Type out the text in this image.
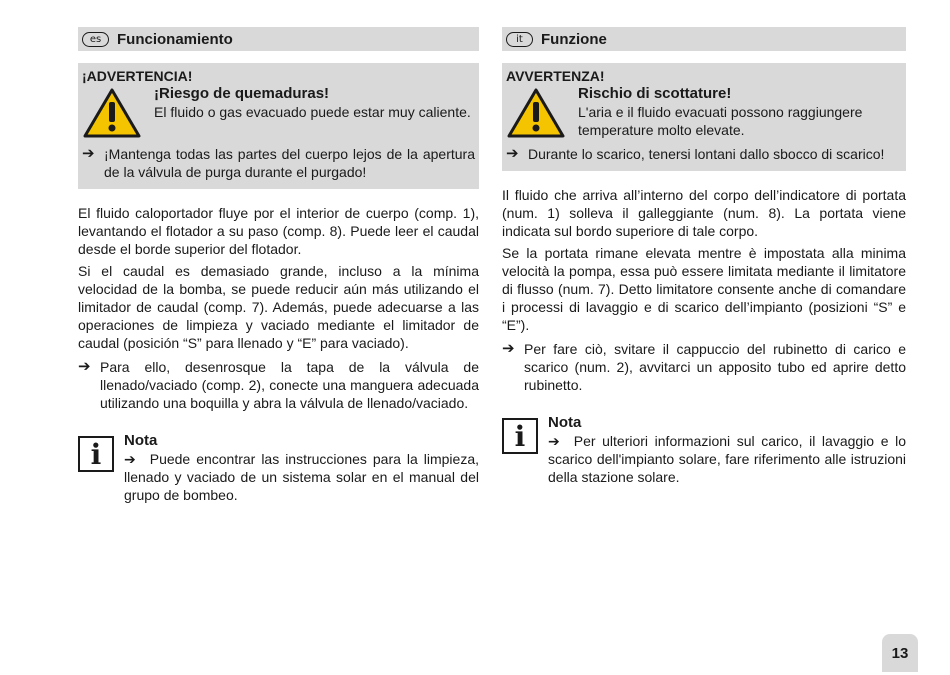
es	Funcionamiento
¡ADVERTENCIA!
¡Riesgo de quemaduras!
El fluido o gas evacuado puede estar muy caliente.
➔ ¡Mantenga todas las partes del cuerpo lejos de la apertura de la válvula de purga durante el purgado!

El fluido caloportador fluye por el interior de cuerpo (comp. 1), levantando el flotador a su paso (comp. 8). Puede leer el caudal desde el borde superior del flotador.

Si el caudal es demasiado grande, incluso a la mínima velocidad de la bomba, se puede reducir aún más utilizando el limitador de caudal (comp. 7). Además, puede adecuarse a las operaciones de limpieza y vaciado mediante el limitador de caudal (posición “S” para llenado y “E” para vaciado).

➔ Para ello, desenrosque la tapa de la válvula de llenado/vaciado (comp. 2), conecte una manguera adecuada utilizando una boquilla y abra la válvula de llenado/vaciado.
i	Nota
➔ Puede encontrar las instrucciones para la limpieza, llenado y vaciado de un sistema solar en el manual del grupo de bombeo.
it	Funzione
AVVERTENZA!
Rischio di scottature!
L'aria e il fluido evacuati possono raggiungere temperature molto elevate.
➔ Durante lo scarico, tenersi lontani dallo sbocco di scarico!

Il fluido che arriva all’interno del corpo dell’indicatore di portata (num. 1) solleva il galleggiante (num. 8). La portata viene indicata sul bordo superiore di tale corpo.

Se la portata rimane elevata mentre è impostata alla minima velocità la pompa, essa può essere limitata mediante il limitatore di flusso (num. 7). Detto limitatore consente anche di comandare i processi di lavaggio e di scarico dell’impianto (posizioni “S” e “E”).

➔ Per fare ciò, svitare il cappuccio del rubinetto di carico e scarico (num. 2), avvitarci un apposito tubo ed aprire detto rubinetto.
i	Nota
➔ Per ulteriori informazioni sul carico, il lavaggio e lo scarico dell'impianto solare, fare riferimento alle istruzioni della stazione solare.
13
